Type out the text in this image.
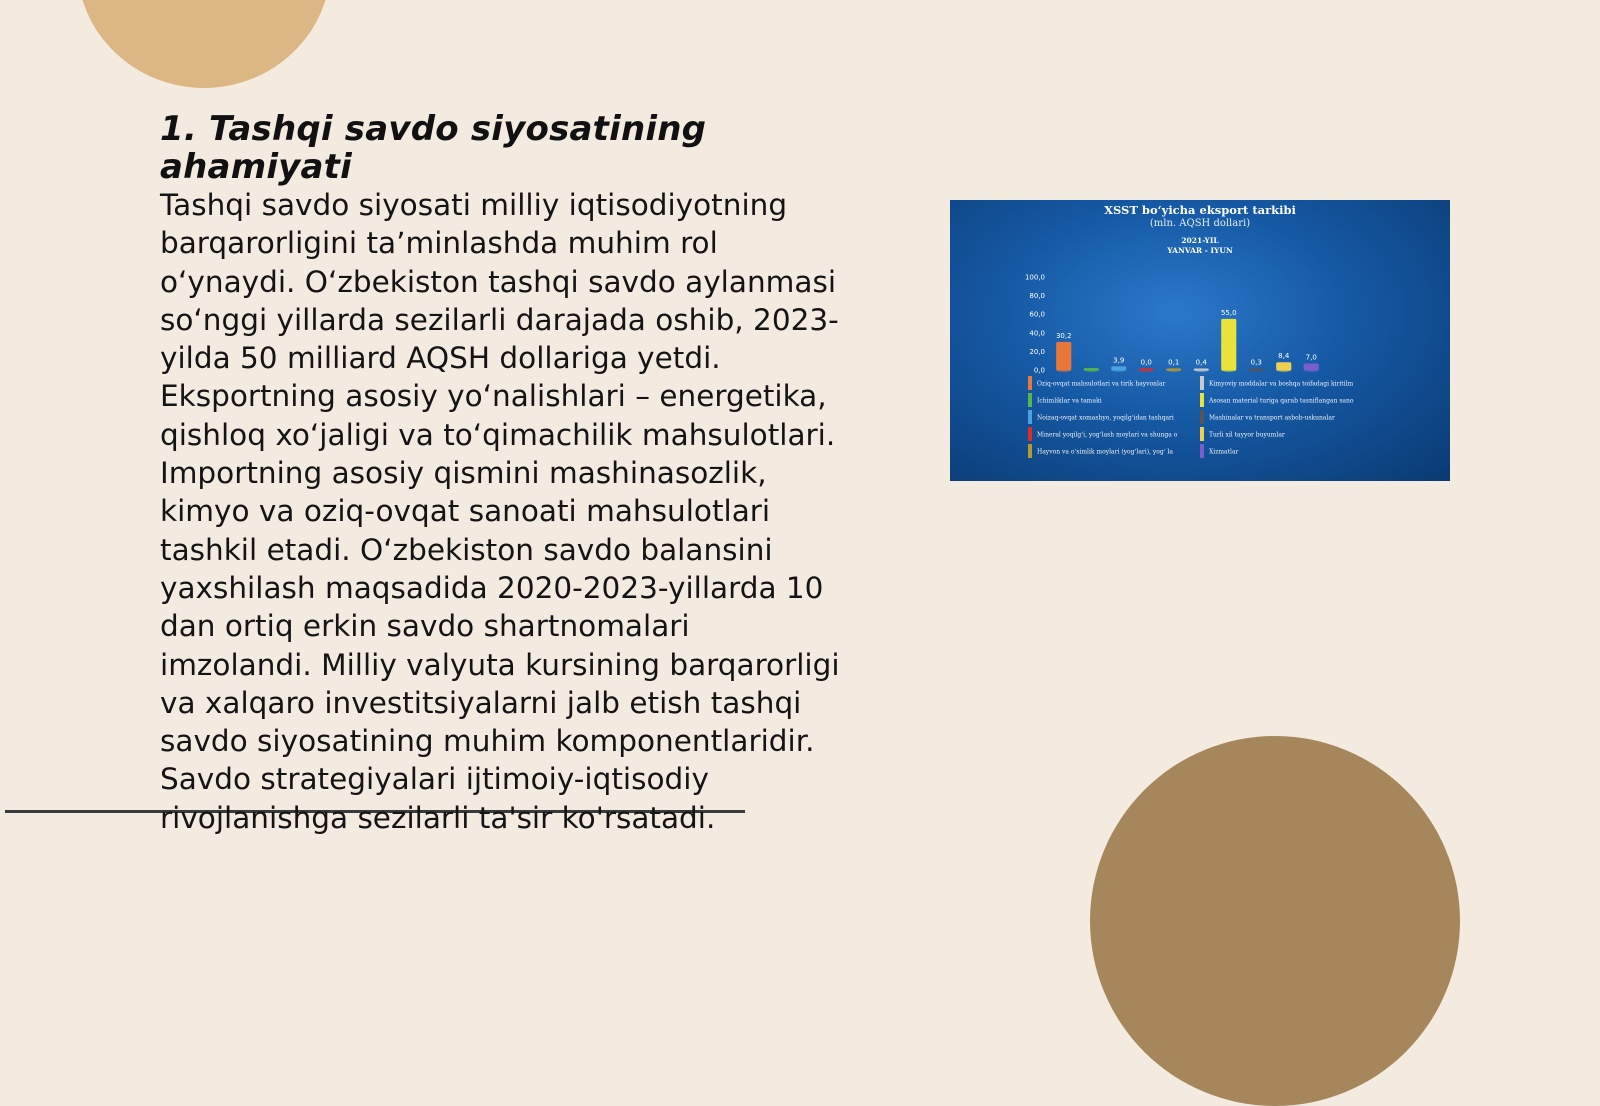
1. Tashqi savdo siyosatining ahamiyati

Tashqi savdo siyosati milliy iqtisodiyotning barqarorligini taʼminlashda muhim rol oʻynaydi. Oʻzbekiston tashqi savdo aylanmasi soʻnggi yillarda sezilarli darajada oshib, 2023-yilda 50 milliard AQSH dollariga yetdi. Eksportning asosiy yoʻnalishlari – energetika, qishloq xoʻjaligi va toʻqimachilik mahsulotlari. Importning asosiy qismini mashinasozlik, kimyo va oziq-ovqat sanoati mahsulotlari tashkil etadi. Oʻzbekiston savdo balansini yaxshilash maqsadida 2020-2023-yillarda 10 dan ortiq erkin savdo shartnomalari imzolandi. Milliy valyuta kursining barqarorligi va xalqaro investitsiyalarni jalb etish tashqi savdo siyosatining muhim komponentlaridir. Savdo strategiyalari ijtimoiy-iqtisodiy rivojlanishga sezilarli ta'sir ko'rsatadi.

XSST bo‘yicha eksport tarkibi
(mln. AQSH dollari)
2021-YIL
YANVAR - IYUN
100,0
80,0
60,0
40,0
20,0
0,0
30,2
3,9 0,0 0,1 0,4
55,0
0,3
8,4 7,0
Oziq-ovqat mahsulotlari va tirik hayvonlar
Ichimliklar va tamaki
Noizaq-ovqat xomashyo, yoqilg‘idan tashqari
Mineral yoqilg‘i, yog‘lash moylari va shunga o
Hayvon va o‘simlik moylari (yog‘lari), yog‘ la
Kimyoviy moddalar va boshqa toifadagi kiritilm
Asosan material turiga qarab tasniflangan sano
Mashinalar va transport asbob-uskunalar
Turli xil tayyor buyumlar
Xizmatlar
